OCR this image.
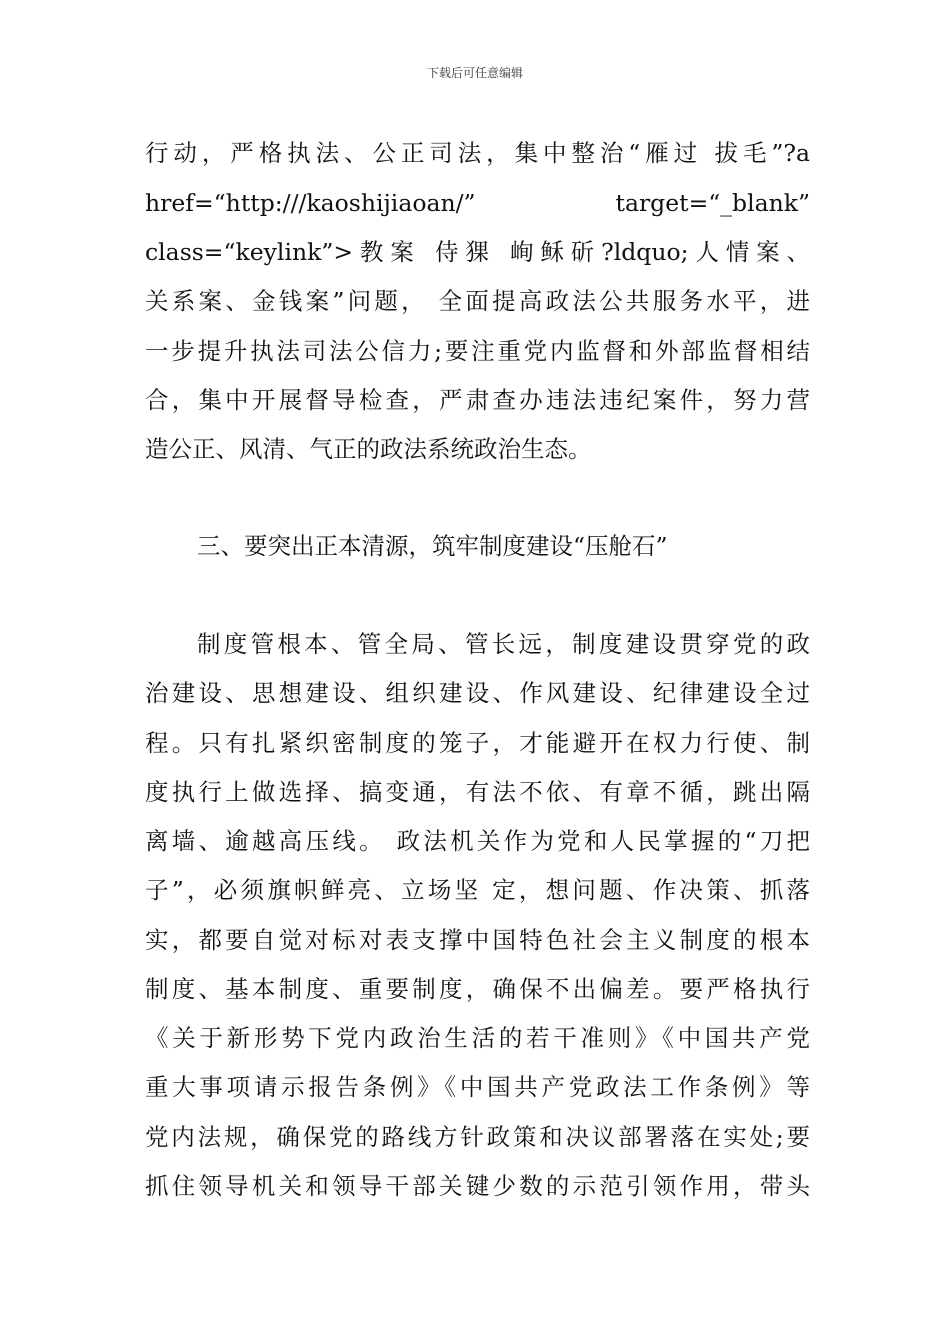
下载后可任意编辑
行动，严格执法、公正司法，集中整治“雁过 拔毛”?a
href=“http:///kaoshijiaoan/” target=“_blank”
class=“keylink”>教案 侍猓 峋稣斫?ldquo;人情案、
关系案、金钱案”问题， 全面提高政法公共服务水平，进
一步提升执法司法公信力;要注重党内监督和外部监督相结
合，集中开展督导检查，严肃查办违法违纪案件，努力营
造公正、风清、气正的政法系统政治生态。
三、要突出正本清源，筑牢制度建设“压舱石”
制度管根本、管全局、管长远，制度建设贯穿党的政
治建设、思想建设、组织建设、作风建设、纪律建设全过
程。只有扎紧织密制度的笼子，才能避开在权力行使、制
度执行上做选择、搞变通，有法不依、有章不循，跳出隔
离墙、逾越高压线。 政法机关作为党和人民掌握的“刀把
子”，必须旗帜鲜亮、立场坚 定，想问题、作决策、抓落
实，都要自觉对标对表支撑中国特色社会主义制度的根本
制度、基本制度、重要制度，确保不出偏差。要严格执行
《关于新形势下党内政治生活的若干准则》《中国共产党
重大事项请示报告条例》《中国共产党政法工作条例》等
党内法规，确保党的路线方针政策和决议部署落在实处;要
抓住领导机关和领导干部关键少数的示范引领作用，带头
